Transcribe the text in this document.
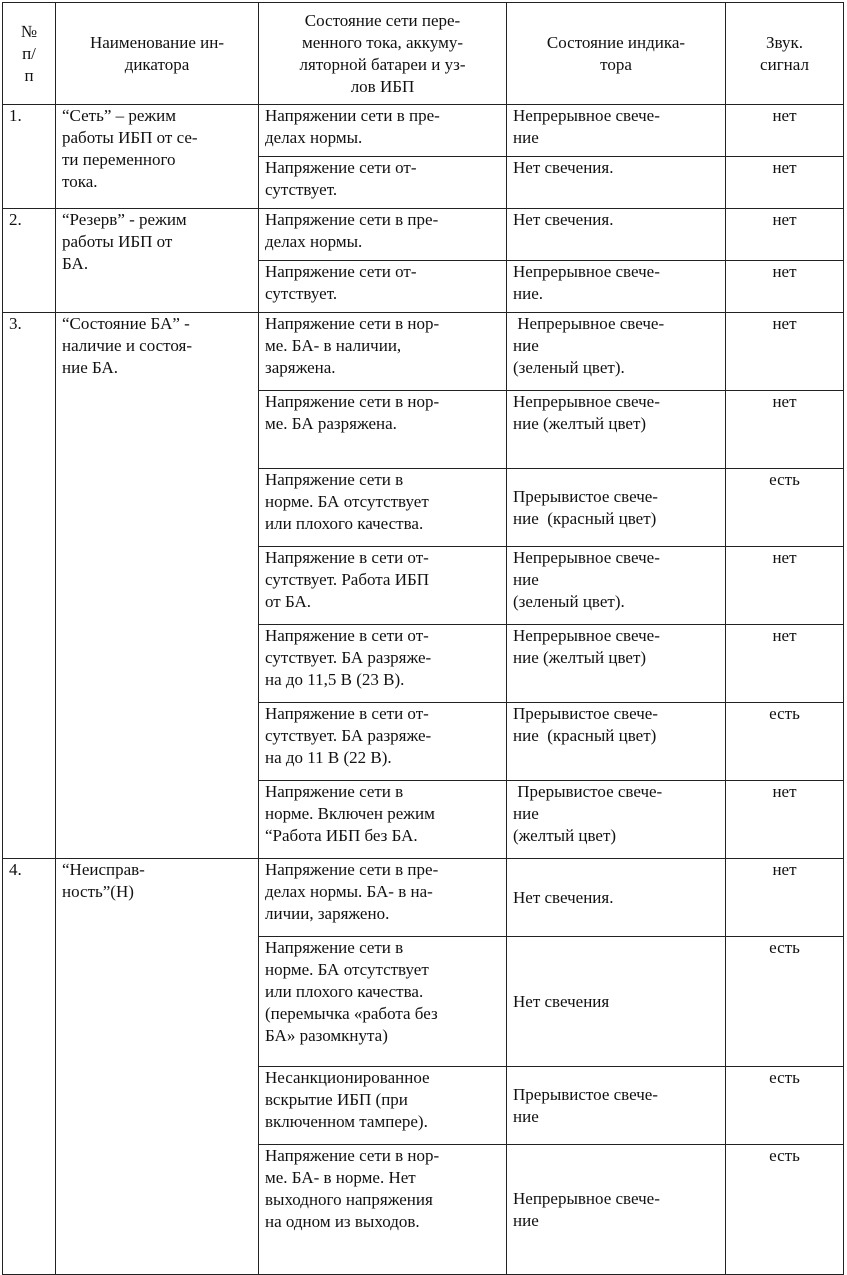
№
п/
п	Наименование ин-
дикатора	Состояние сети пере-
менного тока, аккуму-
ляторной батареи и уз-
лов ИБП	Состояние индика-
тора	Звук.
сигнал

1.	“Сеть” – режим
работы ИБП от се-
ти переменного
тока.	Напряжении сети в пре-
делах нормы.	Непрерывное свече-
ние	нет

		Напряжение сети от-
сутствует.	Нет свечения.	нет
2.	“Резерв” - режим
работы ИБП от
БА.	Напряжение сети в пре-
делах нормы.	Нет свечения.	нет

		Напряжение сети от-
сутствует.	Непрерывное свече-
ние.	нет
3.	“Состояние БА” -
наличие и состоя-
ние БА.	Напряжение сети в нор-
ме. БА- в наличии,
заряжена.	Непрерывное свече-
ние
(зеленый цвет).	нет

		Напряжение сети в нор-
ме. БА разряжена.	Непрерывное свече-
ние (желтый цвет)	нет

		Напряжение сети в
норме. БА отсутствует
или плохого качества.	Прерывистое свече-
ние  (красный цвет)	есть

		Напряжение в сети от-
сутствует. Работа ИБП
от БА.	Непрерывное свече-
ние
(зеленый цвет).	нет

		Напряжение в сети от-
сутствует. БА разряже-
на до 11,5 В (23 В).	Непрерывное свече-
ние (желтый цвет)	нет

		Напряжение в сети от-
сутствует. БА разряже-
на до 11 В (22 В).	Прерывистое свече-
ние  (красный цвет)	есть

		Напряжение сети в
норме. Включен режим
“Работа ИБП без БА.	Прерывистое свече-
ние
(желтый цвет)	нет
4.	“Неисправ-
ность”(Н)	Напряжение сети в пре-
делах нормы. БА- в на-
личии, заряжено.	Нет свечения.	нет

		Напряжение сети в
норме. БА отсутствует
или плохого качества.
(перемычка «работа без
БА» разомкнута)	Нет свечения	есть

		Несанкционированное
вскрытие ИБП (при
включенном тампере).	Прерывистое свече-
ние	есть

		Напряжение сети в нор-
ме. БА- в норме. Нет
выходного напряжения
на одном из выходов.	Непрерывное свече-
ние	есть
